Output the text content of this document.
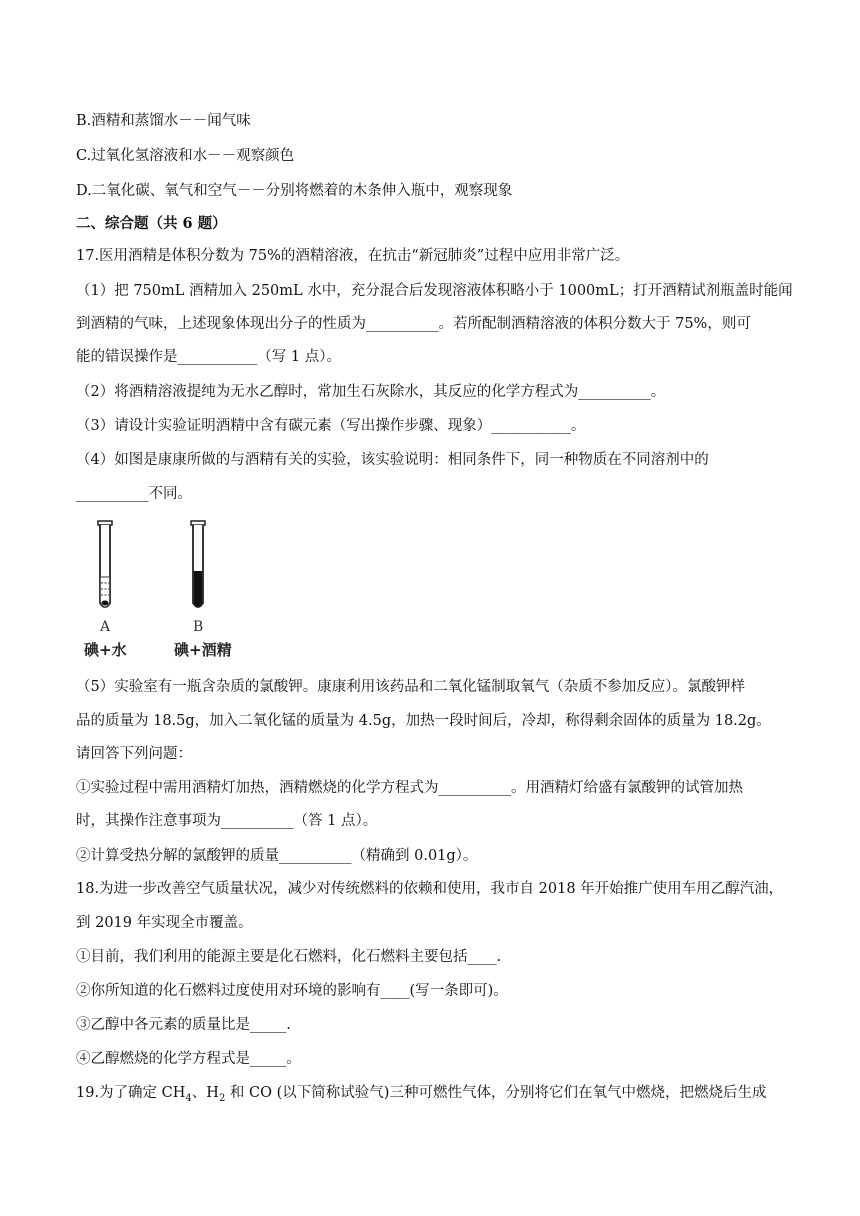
B.酒精和蒸馏水－－闻气味
C.过氧化氢溶液和水－－观察颜色
D.二氧化碳、氧气和空气－－分别将燃着的木条伸入瓶中，观察现象
二、综合题（共 6 题）
17.医用酒精是体积分数为 75%的酒精溶液，在抗击“新冠肺炎”过程中应用非常广泛。
（1）把 750mL 酒精加入 250mL 水中，充分混合后发现溶液体积略小于 1000mL；打开酒精试剂瓶盖时能闻
到酒精的气味，上述现象体现出分子的性质为__________。若所配制酒精溶液的体积分数大于 75%，则可
能的错误操作是___________（写 1 点）。
（2）将酒精溶液提纯为无水乙醇时，常加生石灰除水，其反应的化学方程式为__________。
（3）请设计实验证明酒精中含有碳元素（写出操作步骤、现象）___________。
（4）如图是康康所做的与酒精有关的实验，该实验说明：相同条件下，同一种物质在不同溶剂中的
__________不同。
A
碘+水
B
碘+酒精
（5）实验室有一瓶含杂质的氯酸钾。康康利用该药品和二氧化锰制取氧气（杂质不参加反应）。氯酸钾样
品的质量为 18.5g，加入二氧化锰的质量为 4.5g，加热一段时间后，冷却，称得剩余固体的质量为 18.2g。
请回答下列问题：
①实验过程中需用酒精灯加热，酒精燃烧的化学方程式为__________。用酒精灯给盛有氯酸钾的试管加热
时，其操作注意事项为__________（答 1 点）。
②计算受热分解的氯酸钾的质量__________（精确到 0.01g）。
18.为进一步改善空气质量状况，减少对传统燃料的依赖和使用，我市自 2018 年开始推广使用车用乙醇汽油，
到 2019 年实现全市覆盖。
①目前，我们利用的能源主要是化石燃料，化石燃料主要包括____.
②你所知道的化石燃料过度使用对环境的影响有____(写一条即可)。
③乙醇中各元素的质量比是_____.
④乙醇燃烧的化学方程式是_____。
19.为了确定 $CH_4$、$H_2$ 和 CO (以下简称试验气)三种可燃性气体，分别将它们在氧气中燃烧，把燃烧后生成
